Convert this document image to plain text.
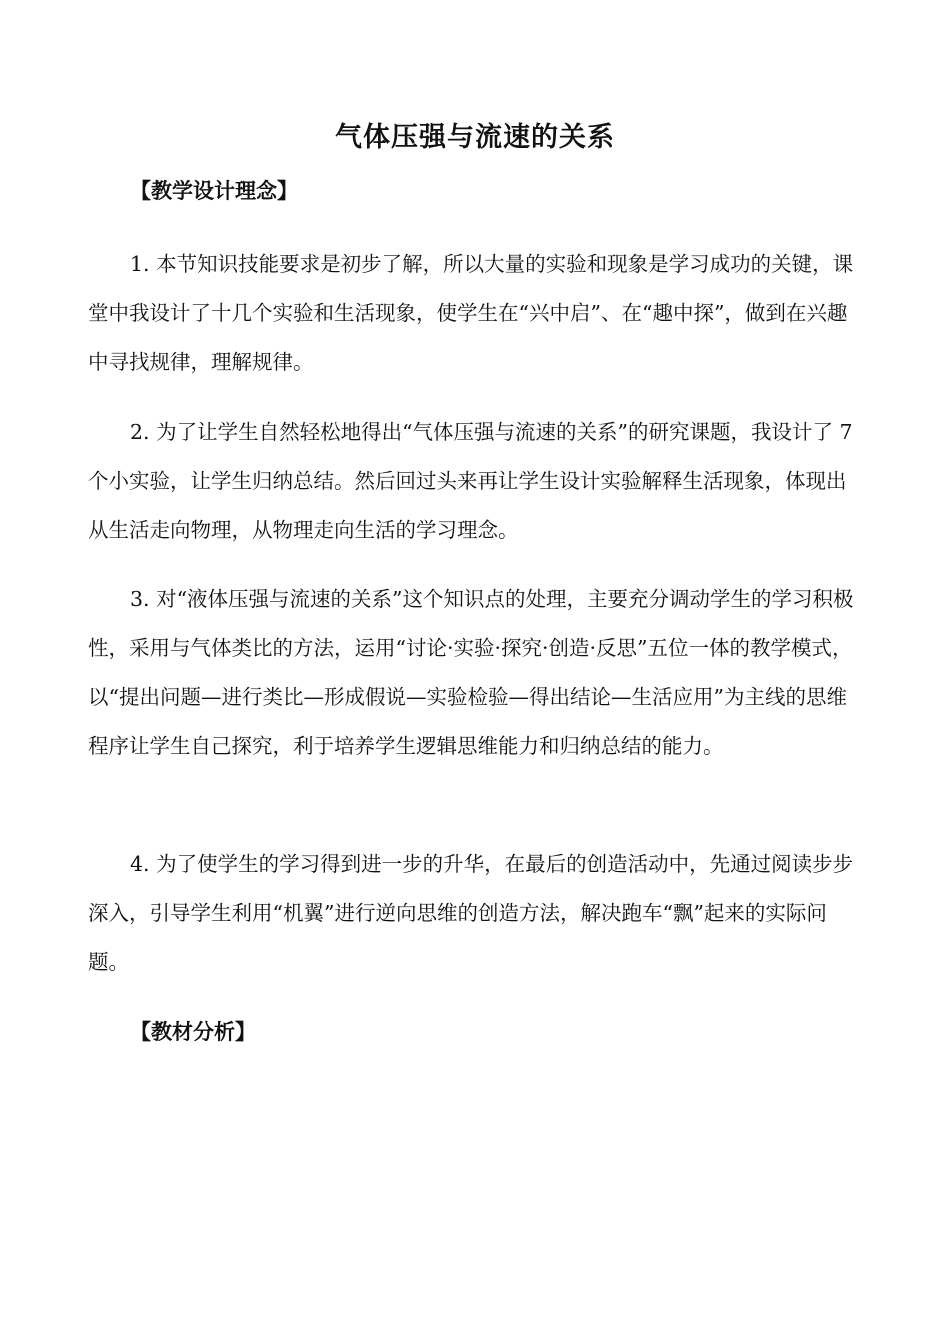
气体压强与流速的关系
【教学设计理念】

1. 本节知识技能要求是初步了解，所以大量的实验和现象是学习成功的关键，课堂中我设计了十几个实验和生活现象，使学生在“兴中启”、在“趣中探”，做到在兴趣中寻找规律，理解规律。

2. 为了让学生自然轻松地得出“气体压强与流速的关系”的研究课题，我设计了 7 个小实验，让学生归纳总结。然后回过头来再让学生设计实验解释生活现象，体现出从生活走向物理，从物理走向生活的学习理念。

3. 对“液体压强与流速的关系”这个知识点的处理，主要充分调动学生的学习积极性，采用与气体类比的方法，运用“讨论·实验·探究·创造·反思”五位一体的教学模式，以“提出问题—进行类比—形成假说—实验检验—得出结论—生活应用”为主线的思维程序让学生自己探究，利于培养学生逻辑思维能力和归纳总结的能力。

4. 为了使学生的学习得到进一步的升华，在最后的创造活动中，先通过阅读步步深入，引导学生利用“机翼”进行逆向思维的创造方法，解决跑车“飘”起来的实际问题。

【教材分析】
